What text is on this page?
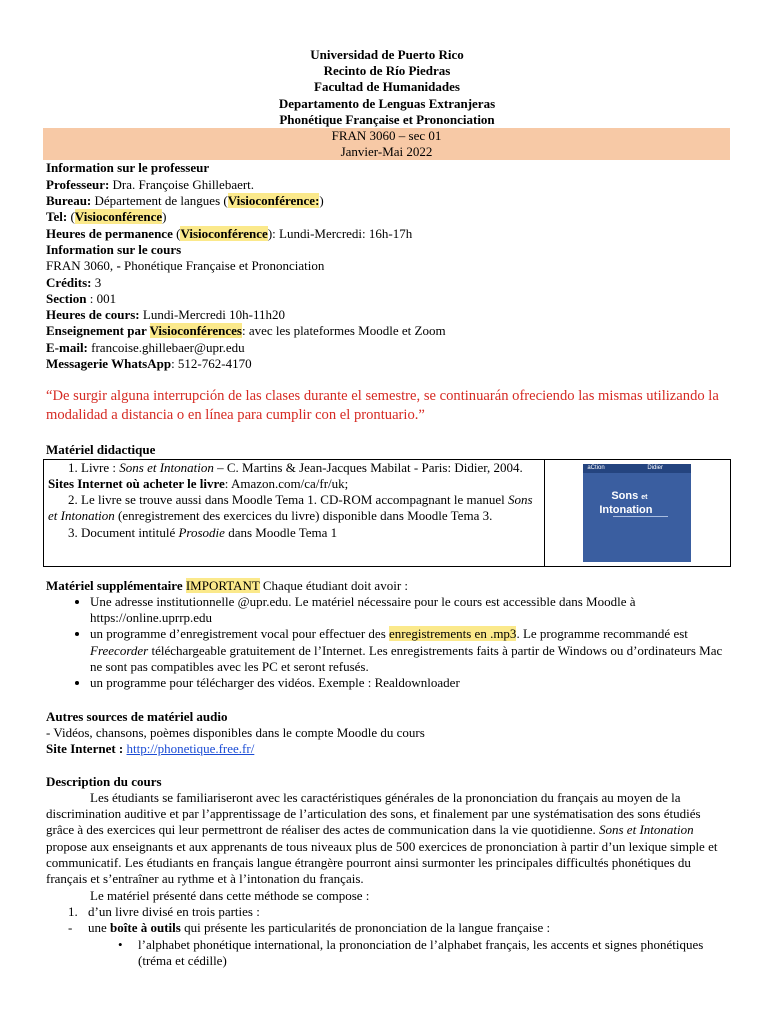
Universidad de Puerto Rico
Recinto de Río Piedras
Facultad de Humanidades
Departamento de Lenguas Extranjeras
Phonétique Française et Prononciation
FRAN 3060 – sec 01
Janvier-Mai 2022
Information sur le professeur
Professeur: Dra. Françoise Ghillebaert.
Bureau: Département de langues (Visioconférence:)
Tel: (Visioconférence)
Heures de permanence (Visioconférence): Lundi-Mercredi: 16h-17h
Information sur le cours
FRAN 3060, - Phonétique Française et Prononciation
Crédits: 3
Section : 001
Heures de cours: Lundi-Mercredi 10h-11h20
Enseignement par Visioconférences: avec les plateformes Moodle et Zoom
E-mail: francoise.ghillebaer@upr.edu
Messagerie WhatsApp: 512-762-4170
“De surgir alguna interrupción de las clases durante el semestre, se continuarán ofreciendo las mismas utilizando la modalidad a distancia o en línea para cumplir con el prontuario.”
Matériel didactique
1. Livre : Sons et Intonation – C. Martins & Jean-Jacques Mabilat - Paris: Didier, 2004. Sites Internet où acheter le livre: Amazon.com/ca/fr/uk;
2. Le livre se trouve aussi dans Moodle Tema 1. CD-ROM accompagnant le manuel Sons et Intonation (enregistrement des exercices du livre) disponible dans Moodle Tema 3.
3. Document intitulé Prosodie dans Moodle Tema 1

aCtion	Didier
Sons et
Intonation
Matériel supplémentaire IMPORTANT Chaque étudiant doit avoir :
• Une adresse institutionnelle @upr.edu. Le matériel nécessaire pour le cours est accessible dans Moodle à https://online.uprrp.edu
• un programme d’enregistrement vocal pour effectuer des enregistrements en .mp3. Le programme recommandé est Freecorder téléchargeable gratuitement de l’Internet. Les enregistrements faits à partir de Windows ou d’ordinateurs Mac ne sont pas compatibles avec les PC et seront refusés.
• un programme pour télécharger des vidéos. Exemple : Realdownloader
Autres sources de matériel audio
- Vidéos, chansons, poèmes disponibles dans le compte Moodle du cours
Site Internet : http://phonetique.free.fr/
Description du cours
Les étudiants se familiariseront avec les caractéristiques générales de la prononciation du français au moyen de la discrimination auditive et par l’apprentissage de l’articulation des sons, et finalement par une systématisation des sons étudiés grâce à des exercices qui leur permettront de réaliser des actes de communication dans la vie quotidienne. Sons et Intonation propose aux enseignants et aux apprenants de tous niveaux plus de 500 exercices de prononciation à partir d’un lexique simple et communicatif. Les étudiants en français langue étrangère pourront ainsi surmonter les principales difficultés phonétiques du français et s’entraîner au rythme et à l’intonation du français.
Le matériel présenté dans cette méthode se compose :
1. d’un livre divisé en trois parties :
- une boîte à outils qui présente les particularités de prononciation de la langue française :
• l’alphabet phonétique international, la prononciation de l’alphabet français, les accents et signes phonétiques (tréma et cédille)
